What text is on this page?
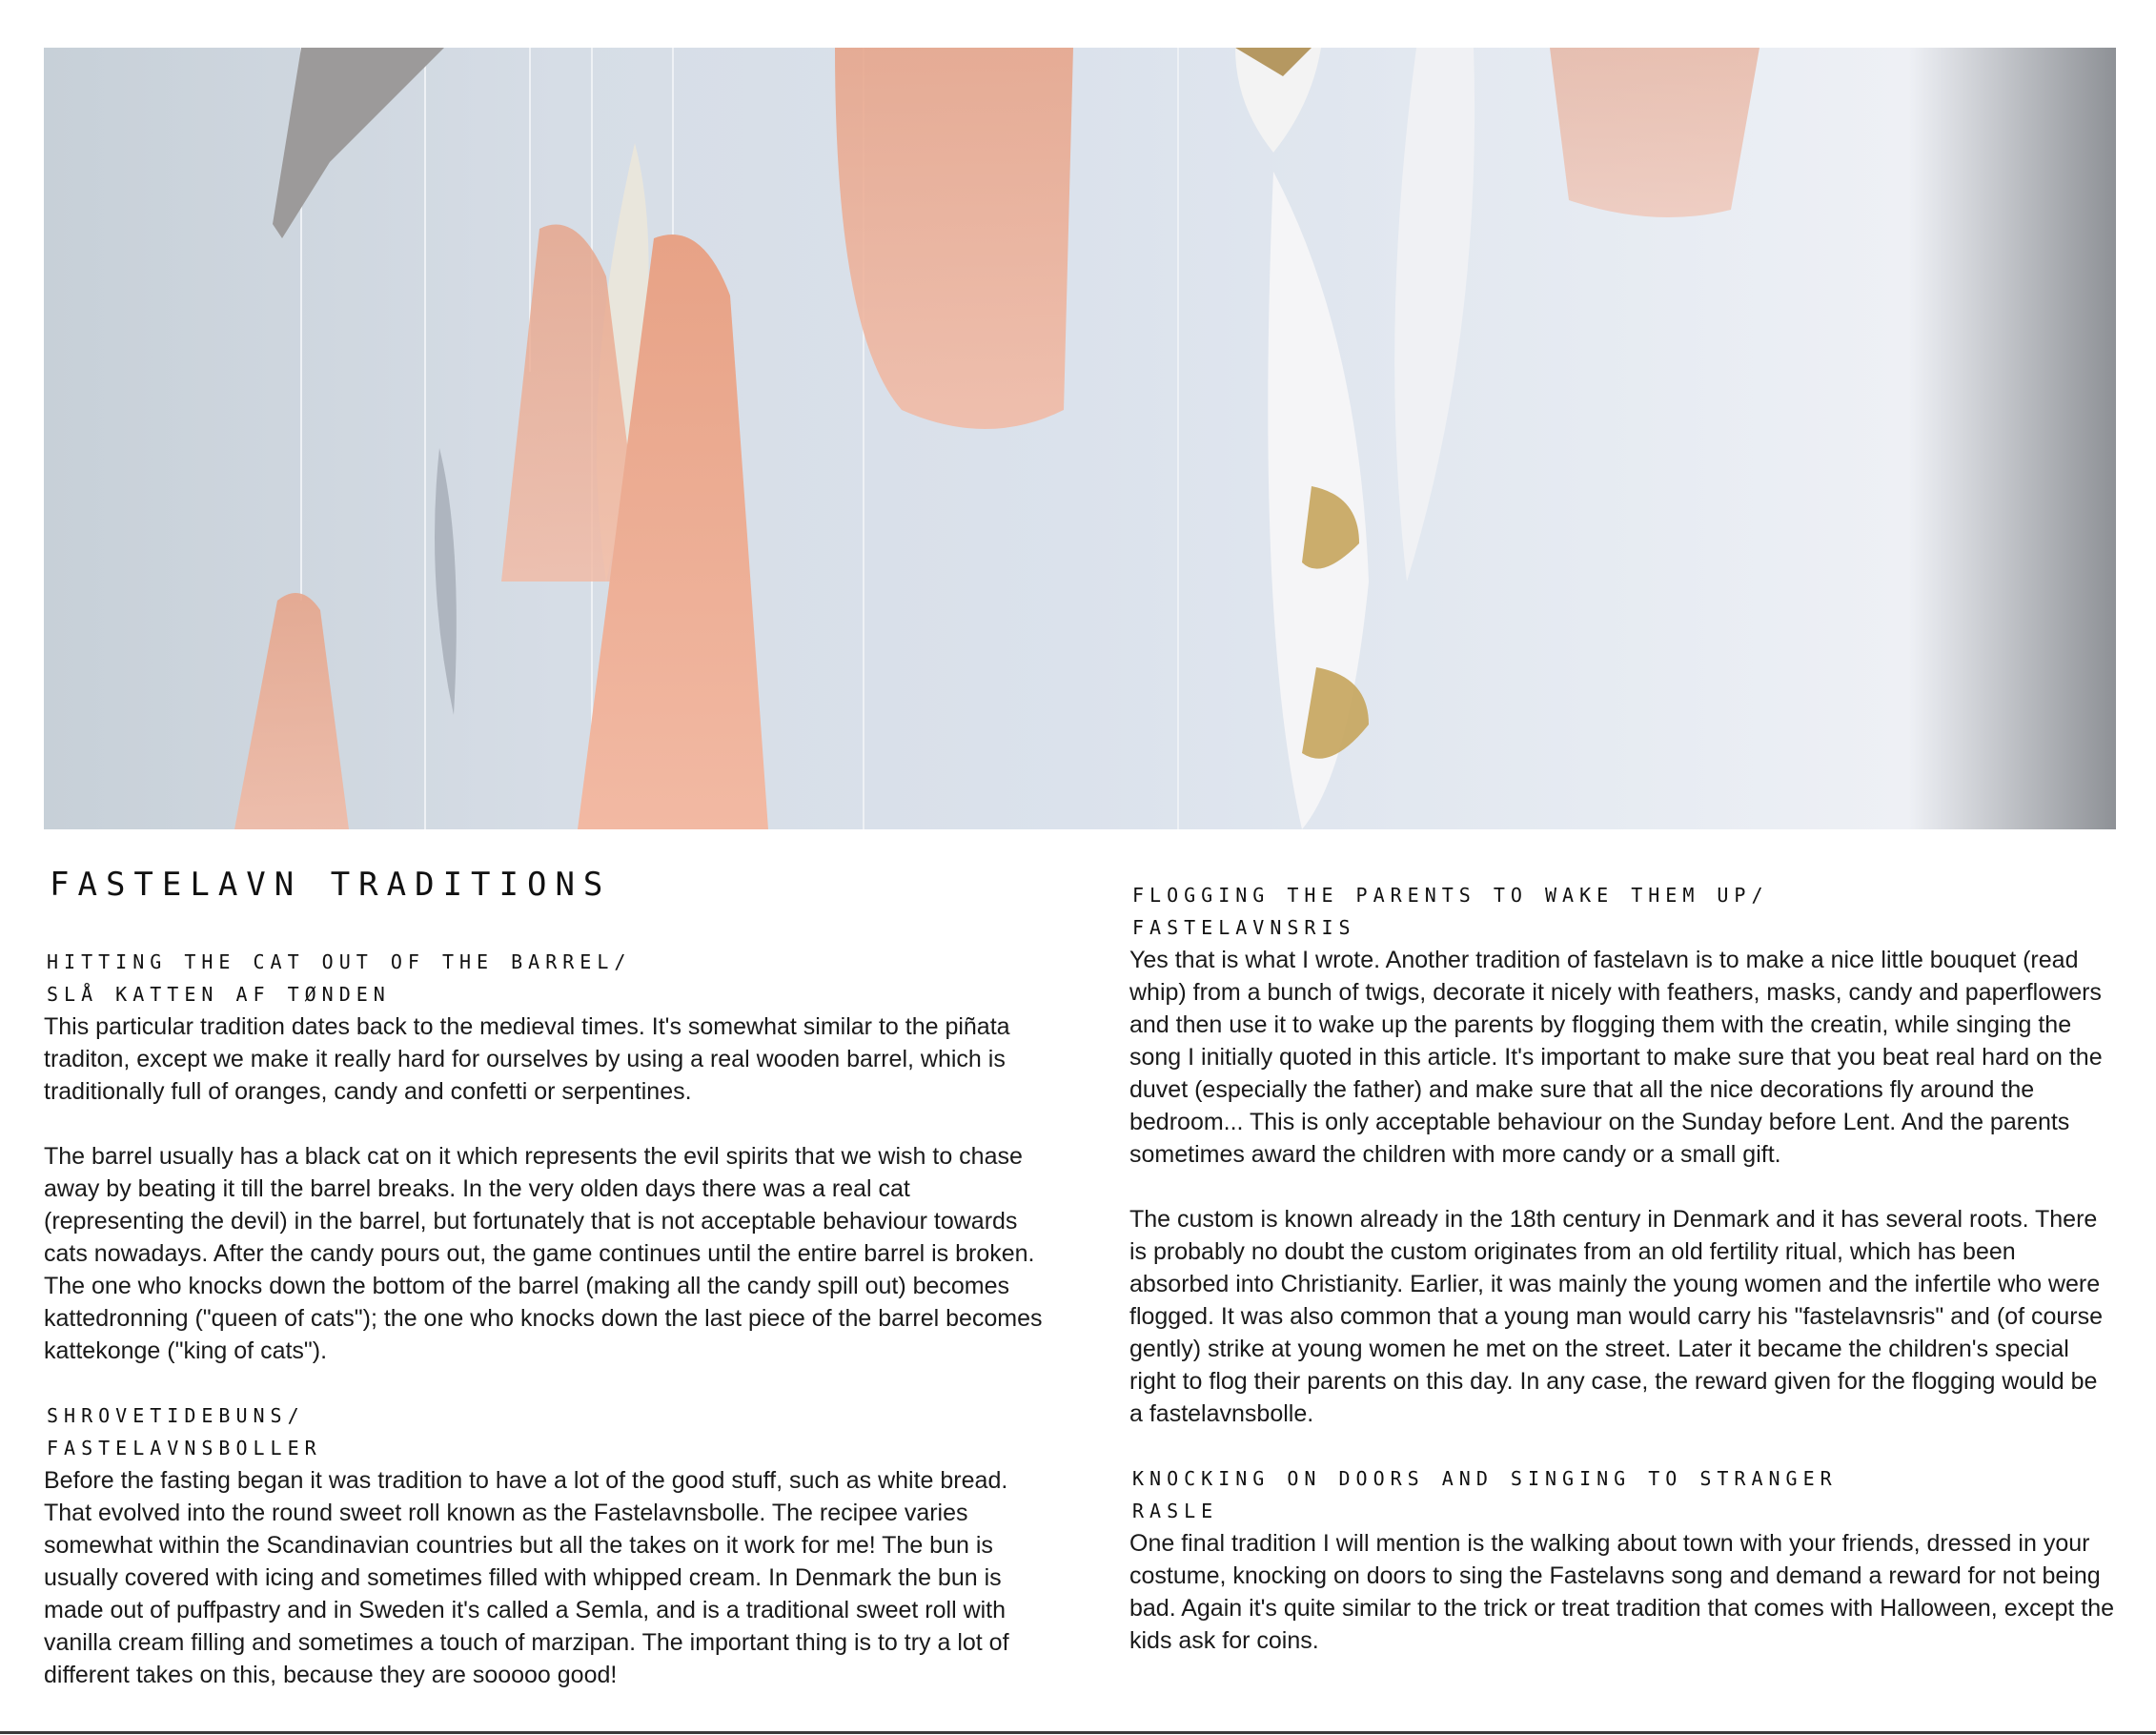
FASTELAVN TRADITIONS
HITTING THE CAT OUT OF THE BARREL/
SLÅ KATTEN AF TØNDEN

This particular tradition dates back to the medieval times. It's somewhat similar to the piñata traditon, except we make it really hard for ourselves by using a real wooden barrel, which is traditionally full of oranges, candy and confetti or serpentines.

The barrel usually has a black cat on it which represents the evil spirits that we wish to chase away by beating it till the barrel breaks. In the very olden days there was a real cat (representing the devil) in the barrel, but fortunately that is not acceptable behaviour towards cats nowadays. After the candy pours out, the game continues until the entire barrel is broken. The one who knocks down the bottom of the barrel (making all the candy spill out) becomes kattedronning ("queen of cats"); the one who knocks down the last piece of the barrel becomes kattekonge ("king of cats").

SHROVETIDEBUNS/
FASTELAVNSBOLLER

Before the fasting began it was tradition to have a lot of the good stuff, such as white bread. That evolved into the round sweet roll known as the Fastelavnsbolle. The recipee varies somewhat within the Scandinavian countries but all the takes on it work for me! The bun is usually covered with icing and sometimes filled with whipped cream. In Denmark the bun is made out of puffpastry and in Sweden it's called a Semla, and is a traditional sweet roll with vanilla cream filling and sometimes a touch of marzipan. The important thing is to try a lot of different takes on this, because they are sooooo good!

FLOGGING THE PARENTS TO WAKE THEM UP/
FASTELAVNSRIS

Yes that is what I wrote. Another tradition of fastelavn is to make a nice little bouquet (read whip) from a bunch of twigs, decorate it nicely with feathers, masks, candy and paperflowers and then use it to wake up the parents by flogging them with the creatin, while singing the song I initially quoted in this article. It's important to make sure that you beat real hard on the duvet (especially the father) and make sure that all the nice decorations fly around the bedroom... This is only acceptable behaviour on the Sunday before Lent. And the parents sometimes award the children with more candy or a small gift.

The custom is known already in the 18th century in Denmark and it has several roots. There is probably no doubt the custom originates from an old fertility ritual, which has been absorbed into Christianity. Earlier, it was mainly the young women and the infertile who were flogged. It was also common that a young man would carry his "fastelavnsris" and (of course gently) strike at young women he met on the street. Later it became the children's special right to flog their parents on this day. In any case, the reward given for the flogging would be a fastelavnsbolle.

KNOCKING ON DOORS AND SINGING TO STRANGER
RASLE

One final tradition I will mention is the walking about town with your friends, dressed in your costume, knocking on doors to sing the Fastelavns song and demand a reward for not being bad. Again it's quite similar to the trick or treat tradition that comes with Halloween, except the kids ask for coins.
